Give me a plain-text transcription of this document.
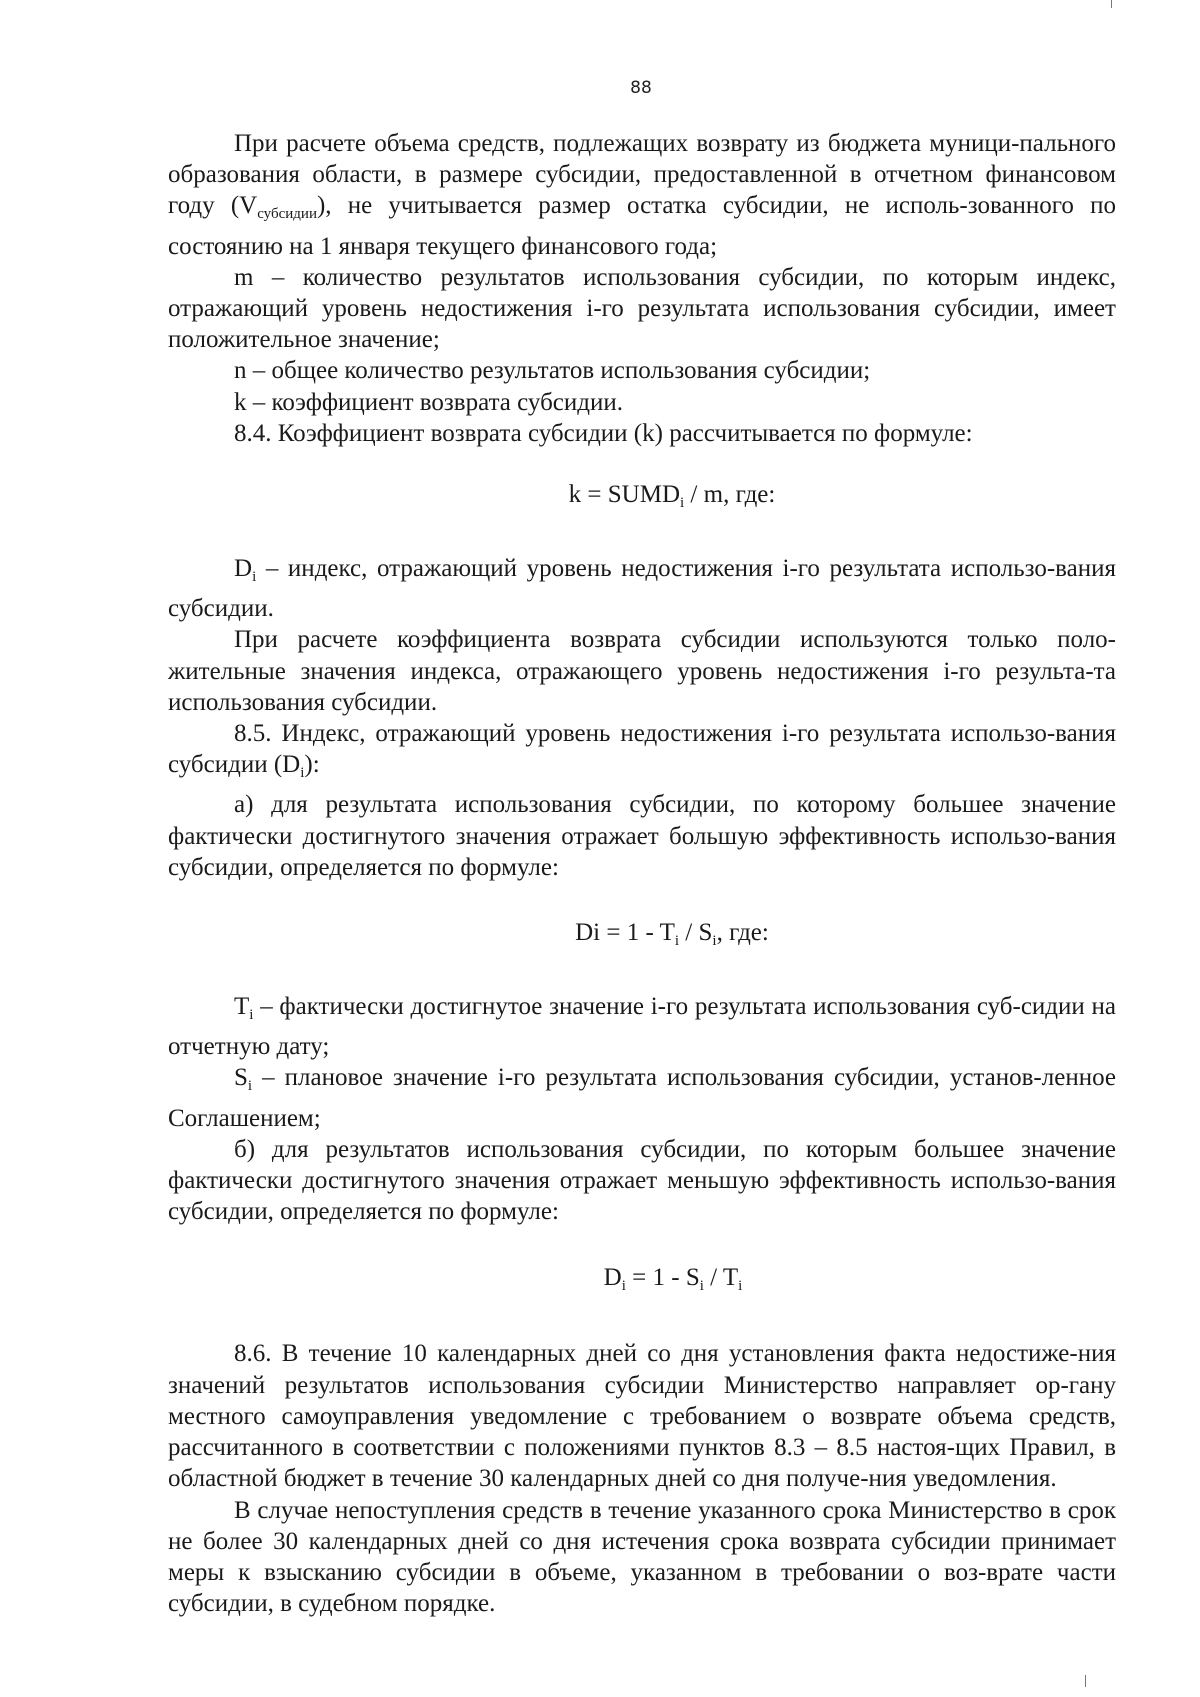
88

При расчете объема средств, подлежащих возврату из бюджета муници-пального образования области, в размере субсидии, предоставленной в отчетном финансовом году $(V_{субсидии})$, не учитывается размер остатка субсидии, не исполь-зованного по состоянию на 1 января текущего финансового года;

m – количество результатов использования субсидии, по которым индекс, отражающий уровень недостижения i-го результата использования субсидии, имеет положительное значение;

n – общее количество результатов использования субсидии;

k – коэффициент возврата субсидии.

8.4. Коэффициент возврата субсидии (k) рассчитывается по формуле:

$k = SUMD_i / m$, где:

$D_i$ – индекс, отражающий уровень недостижения i-го результата использо-вания субсидии.

При расчете коэффициента возврата субсидии используются только поло-жительные значения индекса, отражающего уровень недостижения i-го результа-та использования субсидии.

8.5. Индекс, отражающий уровень недостижения i-го результата использо-вания субсидии $(D_i)$:

а) для результата использования субсидии, по которому большее значение фактически достигнутого значения отражает большую эффективность использо-вания субсидии, определяется по формуле:

$Di = 1 - T_i / S_i$, где:

$T_i$ – фактически достигнутое значение i-го результата использования суб-сидии на отчетную дату;

$S_i$ – плановое значение i-го результата использования субсидии, установ-ленное Соглашением;

б) для результатов использования субсидии, по которым большее значение фактически достигнутого значения отражает меньшую эффективность использо-вания субсидии, определяется по формуле:

$D_i = 1 - S_i / T_i$

8.6. В течение 10 календарных дней со дня установления факта недостиже-ния значений результатов использования субсидии Министерство направляет ор-гану местного самоуправления уведомление с требованием о возврате объема средств, рассчитанного в соответствии с положениями пунктов 8.3 – 8.5 настоя-щих Правил, в областной бюджет в течение 30 календарных дней со дня получе-ния уведомления.

В случае непоступления средств в течение указанного срока Министерство в срок не более 30 календарных дней со дня истечения срока возврата субсидии принимает меры к взысканию субсидии в объеме, указанном в требовании о воз-врате части субсидии, в судебном порядке.
